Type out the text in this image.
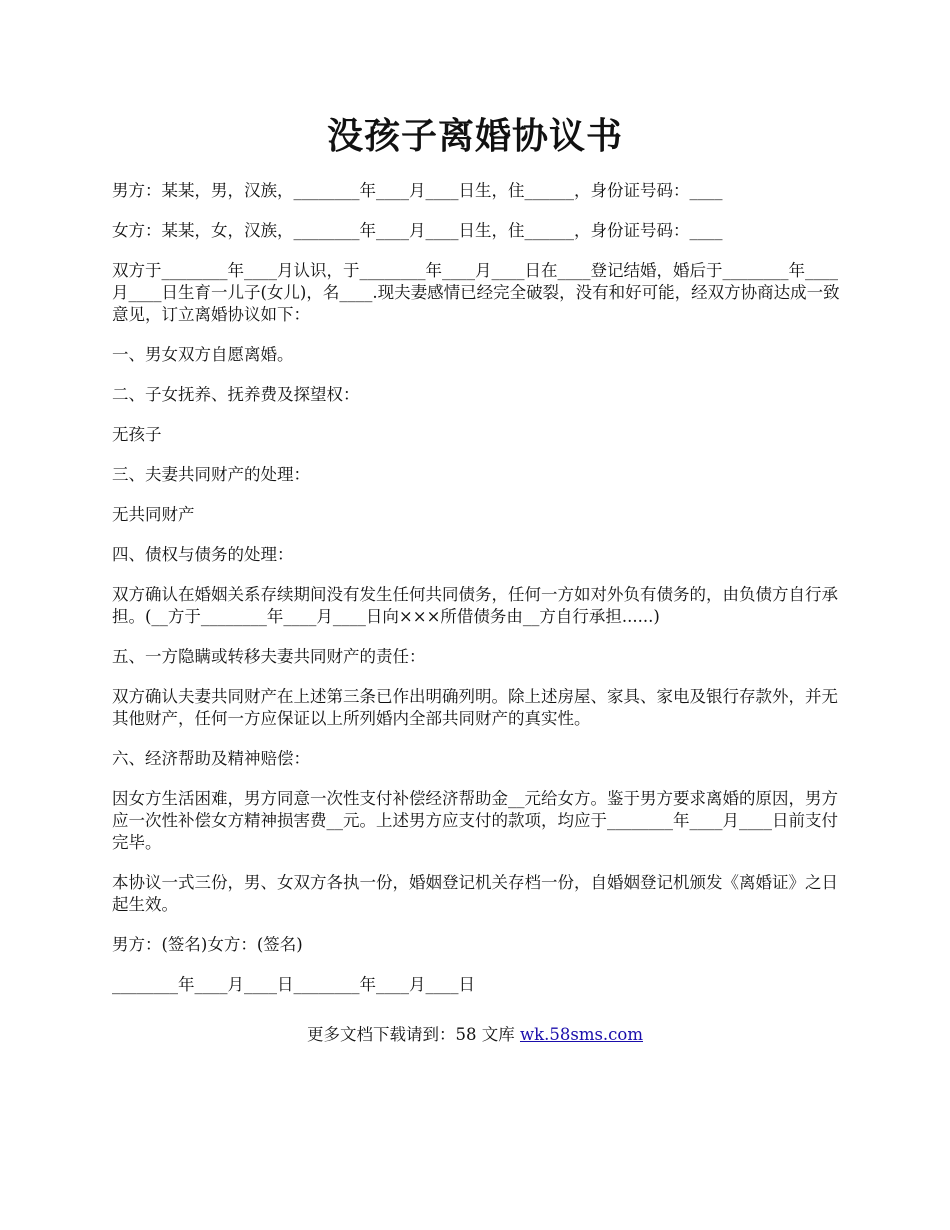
没孩子离婚协议书

男方：某某，男，汉族，________年____月____日生，住______，身份证号码：____

女方：某某，女，汉族，________年____月____日生，住______，身份证号码：____

双方于________年____月认识，于________年____月____日在____登记结婚，婚后于________年____月____日生育一儿子(女儿)，名____.现夫妻感情已经完全破裂，没有和好可能，经双方协商达成一致意见，订立离婚协议如下：

一、男女双方自愿离婚。

二、子女抚养、抚养费及探望权：

无孩子

三、夫妻共同财产的处理：

无共同财产

四、债权与债务的处理：

双方确认在婚姻关系存续期间没有发生任何共同债务，任何一方如对外负有债务的，由负债方自行承担。(__方于________年____月____日向×××所借债务由__方自行承担......)

五、一方隐瞒或转移夫妻共同财产的责任：

双方确认夫妻共同财产在上述第三条已作出明确列明。除上述房屋、家具、家电及银行存款外，并无其他财产，任何一方应保证以上所列婚内全部共同财产的真实性。

六、经济帮助及精神赔偿：

因女方生活困难，男方同意一次性支付补偿经济帮助金__元给女方。鉴于男方要求离婚的原因，男方应一次性补偿女方精神损害费__元。上述男方应支付的款项，均应于________年____月____日前支付完毕。

本协议一式三份，男、女双方各执一份，婚姻登记机关存档一份，自婚姻登记机颁发《离婚证》之日起生效。

男方：(签名)女方：(签名)

________年____月____日________年____月____日

更多文档下载请到：58 文库 wk.58sms.com
